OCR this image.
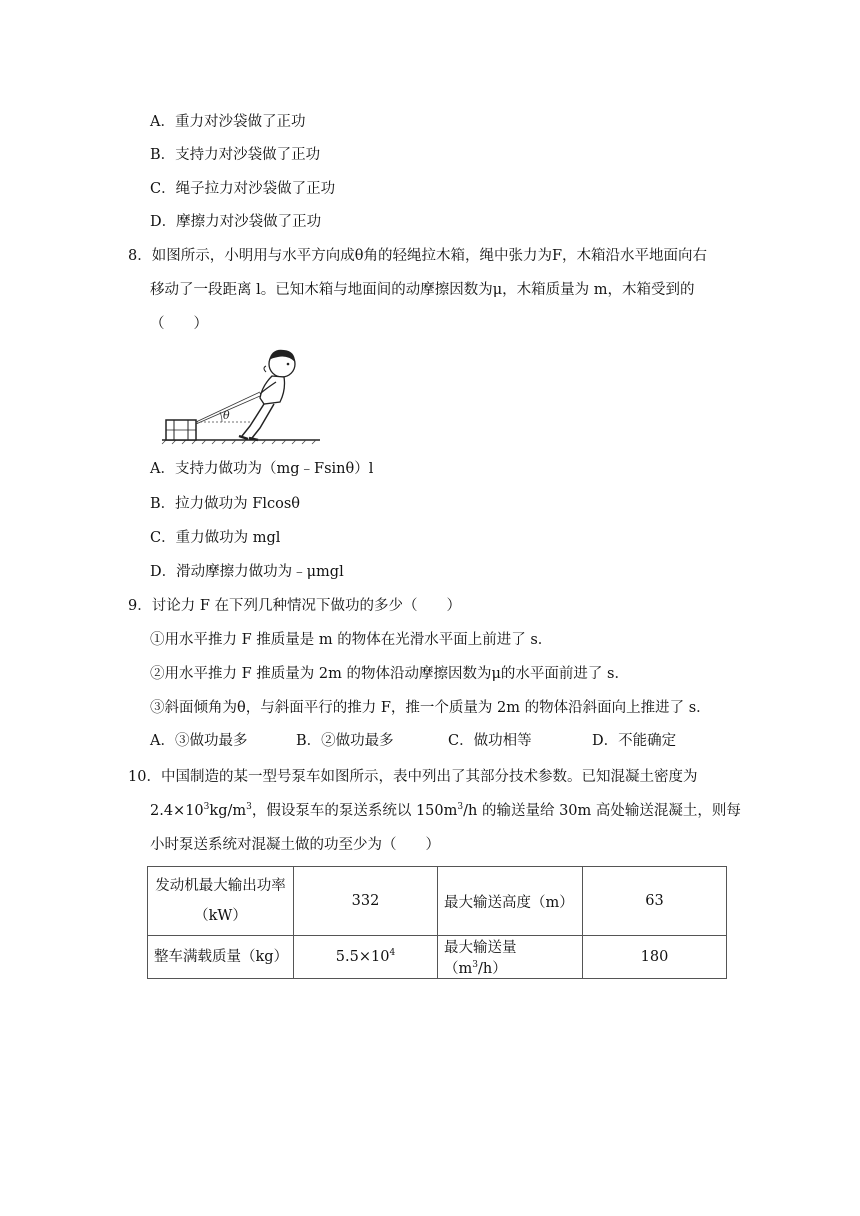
A．重力对沙袋做了正功
B．支持力对沙袋做了正功
C．绳子拉力对沙袋做了正功
D．摩擦力对沙袋做了正功
8．如图所示，小明用与水平方向成θ角的轻绳拉木箱，绳中张力为F，木箱沿水平地面向右
移动了一段距离 l。已知木箱与地面间的动摩擦因数为μ，木箱质量为 m，木箱受到的
（　　）
θ
A．支持力做功为（mg﹣Fsinθ）l
B．拉力做功为 Flcosθ
C．重力做功为 mgl
D．滑动摩擦力做功为﹣μmgl
9．讨论力 F 在下列几种情况下做功的多少（　　）
①用水平推力 F 推质量是 m 的物体在光滑水平面上前进了 s．
②用水平推力 F 推质量为 2m 的物体沿动摩擦因数为μ的水平面前进了 s．
③斜面倾角为θ，与斜面平行的推力 F，推一个质量为 2m 的物体沿斜面向上推进了 s．
A．③做功最多	B．②做功最多	C．做功相等	D．不能确定
10．中国制造的某一型号泵车如图所示，表中列出了其部分技术参数。已知混凝土密度为
$2.4\times 10^3kg/m^3$，假设泵车的泵送系统以 $150m^3/h$ 的输送量给 30m 高处输送混凝土，则每
小时泵送系统对混凝土做的功至少为（　　）
发动机最大输出功率（kW）	332	最大输送高度（m）	63
整车满载质量（kg）	$5.5\times 10^4$	最大输送量$(m^3/h)$	180
